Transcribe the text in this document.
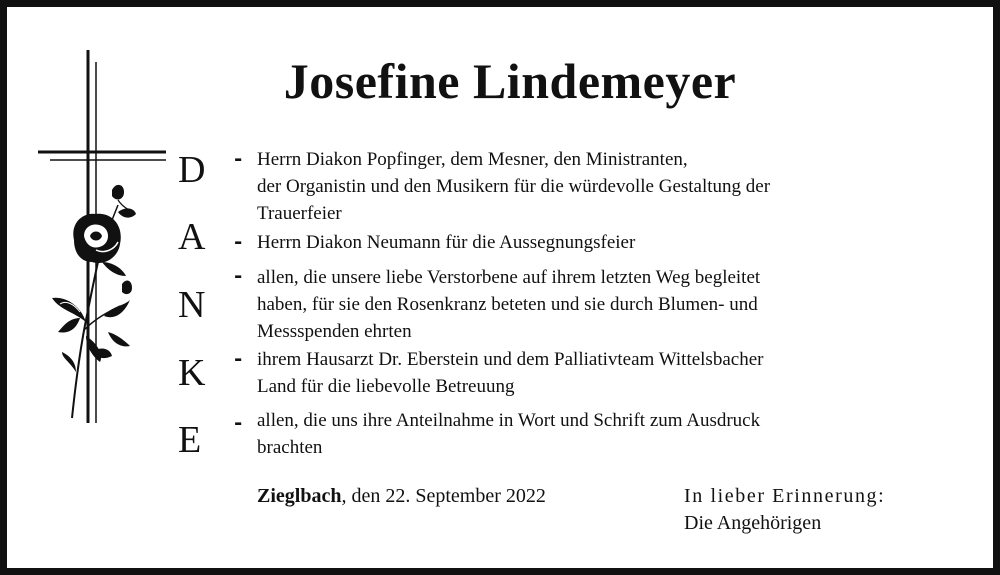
Josefine Lindemeyer
D
A
N
K
E
-
-
-
-
-
Herrn Diakon Popfinger, dem Mesner, den Ministranten,
der Organistin und den Musikern für die würdevolle Gestaltung der
Trauerfeier
Herrn Diakon Neumann für die Aussegnungsfeier
allen, die unsere liebe Verstorbene auf ihrem letzten Weg begleitet
haben, für sie den Rosenkranz beteten und sie durch Blumen- und
Messspenden ehrten
ihrem Hausarzt Dr. Eberstein und dem Palliativteam Wittelsbacher
Land für die liebevolle Betreuung
allen, die uns ihre Anteilnahme in Wort und Schrift zum Ausdruck
brachten
Zieglbach, den 22. September 2022	In lieber Erinnerung:
Die Angehörigen
